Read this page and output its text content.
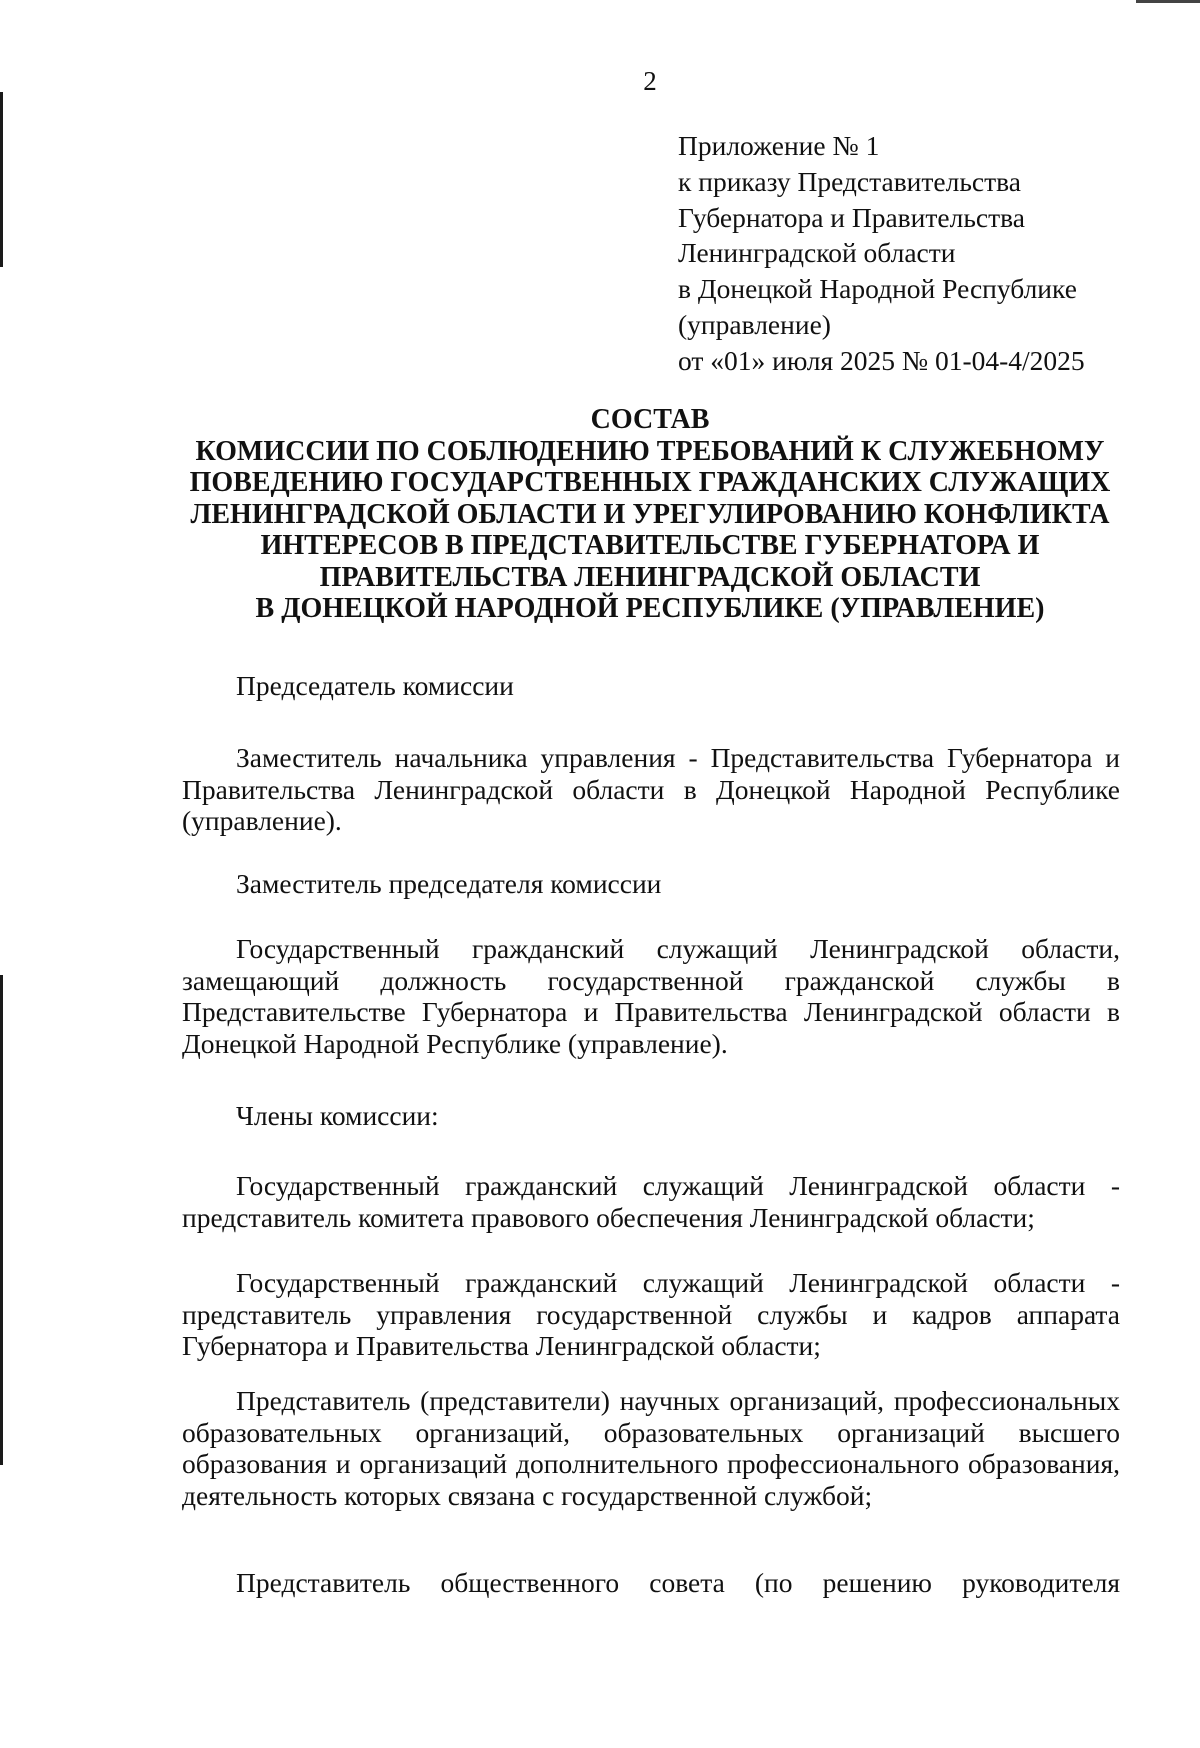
2
Приложение № 1
к приказу Представительства
Губернатора и Правительства
Ленинградской области
в Донецкой Народной Республике
(управление)
от «01» июля 2025 № 01-04-4/2025
СОСТАВ
КОМИССИИ ПО СОБЛЮДЕНИЮ ТРЕБОВАНИЙ К СЛУЖЕБНОМУ
ПОВЕДЕНИЮ ГОСУДАРСТВЕННЫХ ГРАЖДАНСКИХ СЛУЖАЩИХ
ЛЕНИНГРАДСКОЙ ОБЛАСТИ И УРЕГУЛИРОВАНИЮ КОНФЛИКТА
ИНТЕРЕСОВ В ПРЕДСТАВИТЕЛЬСТВЕ ГУБЕРНАТОРА И
ПРАВИТЕЛЬСТВА ЛЕНИНГРАДСКОЙ ОБЛАСТИ
В ДОНЕЦКОЙ НАРОДНОЙ РЕСПУБЛИКЕ (УПРАВЛЕНИЕ)
Председатель комиссии
Заместитель начальника управления - Представительства Губернатора и Правительства Ленинградской области в Донецкой Народной Республике (управление).
Заместитель председателя комиссии
Государственный гражданский служащий Ленинградской области, замещающий должность государственной гражданской службы в Представительстве Губернатора и Правительства Ленинградской области в Донецкой Народной Республике (управление).
Члены комиссии:
Государственный гражданский служащий Ленинградской области - представитель комитета правового обеспечения Ленинградской области;
Государственный гражданский служащий Ленинградской области - представитель управления государственной службы и кадров аппарата Губернатора и Правительства Ленинградской области;
Представитель (представители) научных организаций, профессиональных образовательных организаций, образовательных организаций высшего образования и организаций дополнительного профессионального образования, деятельность которых связана с государственной службой;
Представитель общественного совета (по решению руководителя
